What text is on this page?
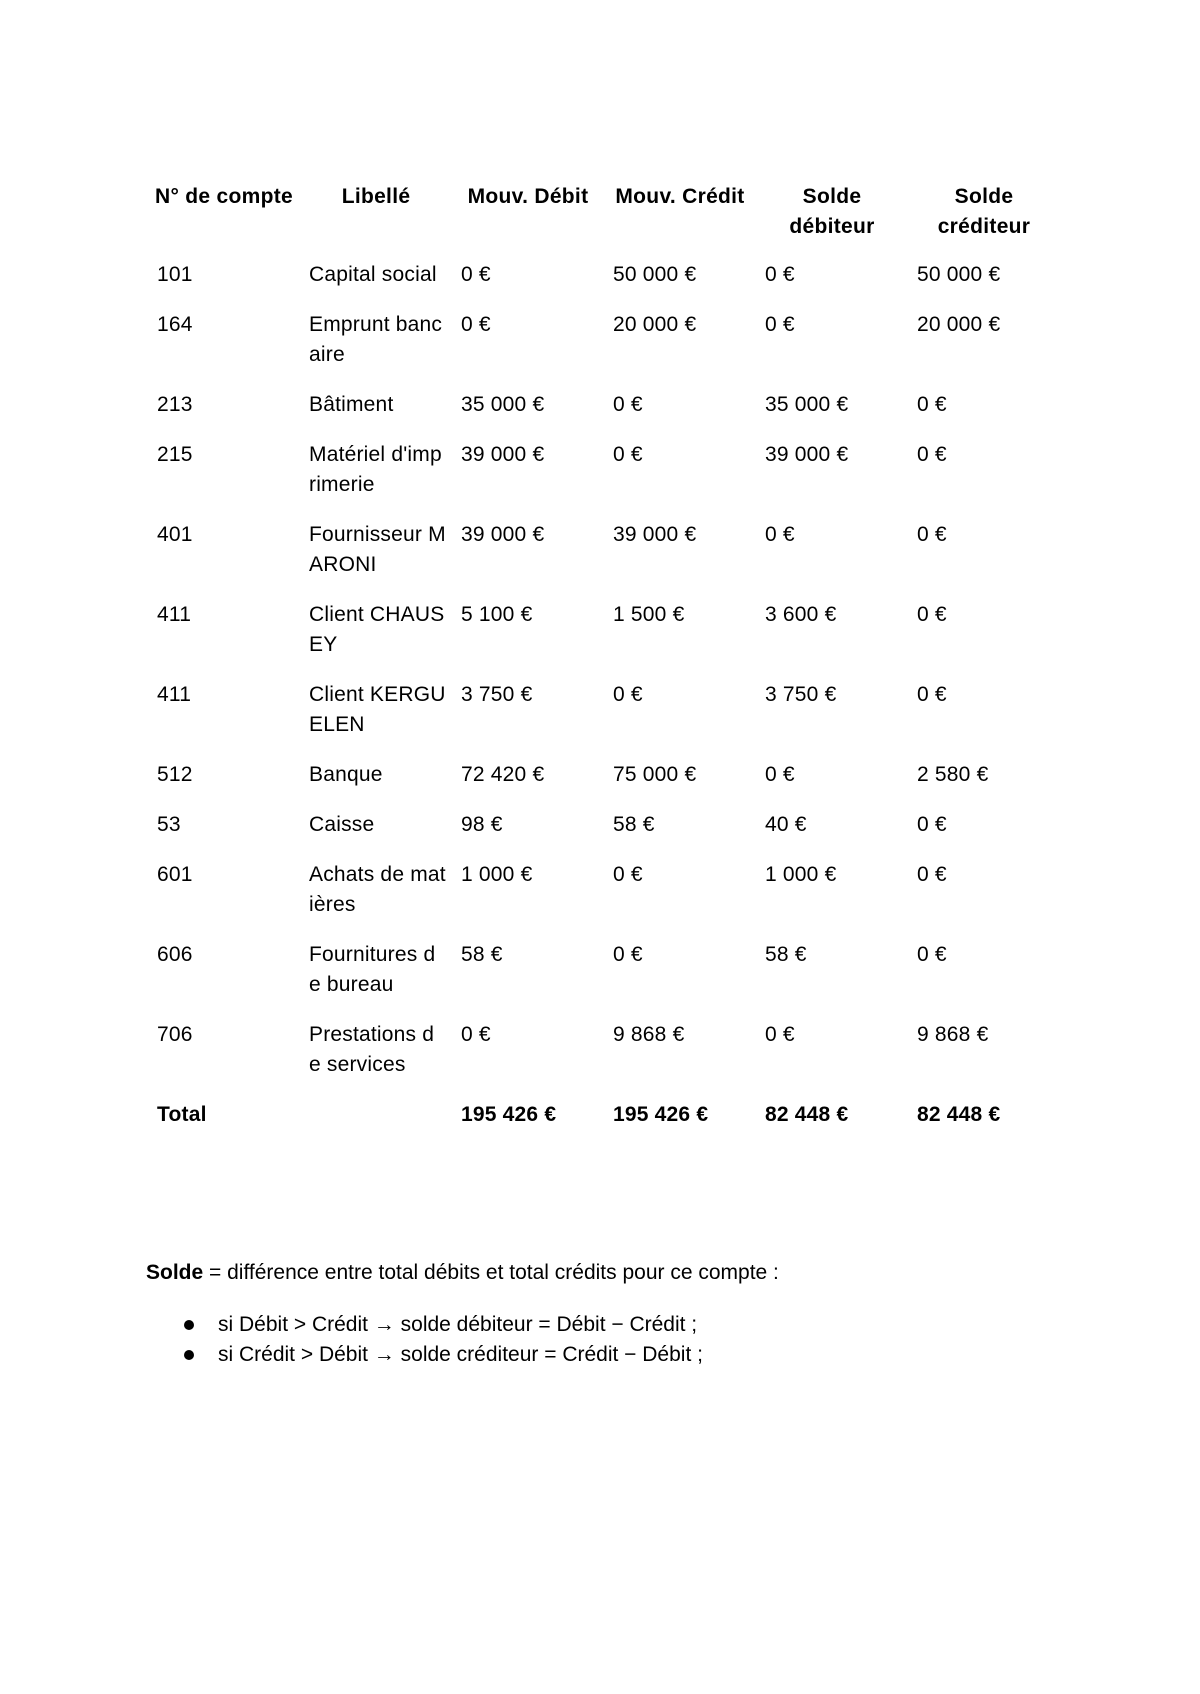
N° de compte	Libellé	Mouv. Débit	Mouv. Crédit	Solde débiteur	Solde créditeur
101	Capital social	0 €	50 000 €	0 €	50 000 €
164	Emprunt bancaire	0 €	20 000 €	0 €	20 000 €
213	Bâtiment	35 000 €	0 €	35 000 €	0 €
215	Matériel d'imprimerie	39 000 €	0 €	39 000 €	0 €
401	Fournisseur MARONI	39 000 €	39 000 €	0 €	0 €
411	Client CHAUSEY	5 100 €	1 500 €	3 600 €	0 €
411	Client KERGUELEN	3 750 €	0 €	3 750 €	0 €
512	Banque	72 420 €	75 000 €	0 €	2 580 €
53	Caisse	98 €	58 €	40 €	0 €
601	Achats de matières	1 000 €	0 €	1 000 €	0 €
606	Fournitures de bureau	58 €	0 €	58 €	0 €
706	Prestations de services	0 €	9 868 €	0 €	9 868 €
Total		195 426 €	195 426 €	82 448 €	82 448 €

Solde = différence entre total débits et total crédits pour ce compte :

si Débit > Crédit → solde débiteur = Débit − Crédit ;
si Crédit > Débit → solde créditeur = Crédit − Débit ;
